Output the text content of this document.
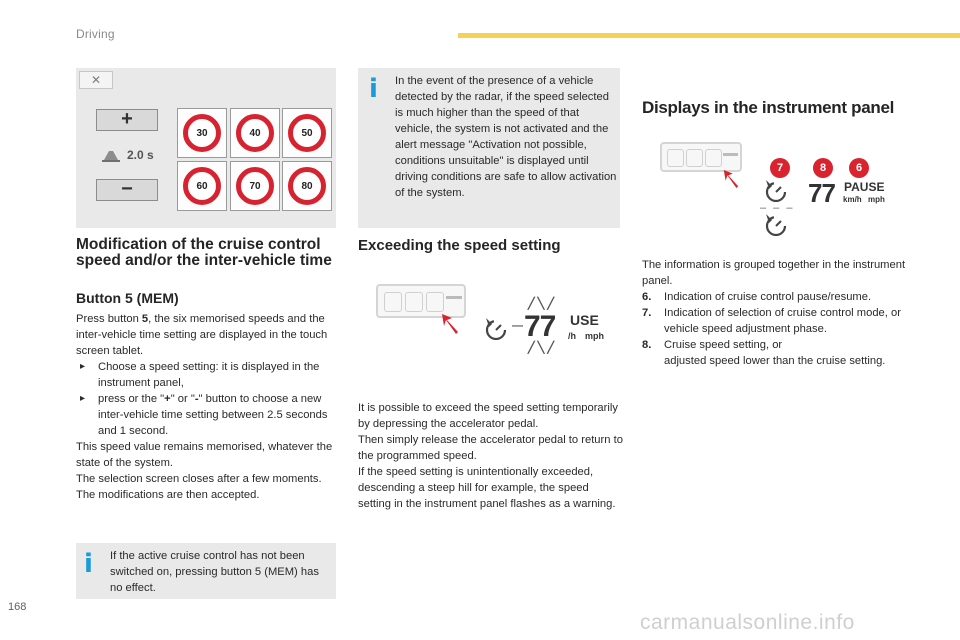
Driving
✕
+
2.0 s
−
30	40	50
60	70	80
Modification of the cruise control speed and/or the inter-vehicle time
Button 5 (MEM)

Press button 5, the six memorised speeds and the inter-vehicle time setting are displayed in the touch screen tablet.

▸ Choose a speed setting: it is displayed in the instrument panel,
▸ press or the "+" or "-" button to choose a new inter-vehicle time setting between 2.5 seconds and 1 second.

This speed value remains memorised, whatever the state of the system.

The selection screen closes after a few moments. The modifications are then accepted.

i If the active cruise control has not been switched on, pressing button 5 (MEM) has no effect.

i In the event of the presence of a vehicle detected by the radar, if the speed selected is much higher than the speed of that vehicle, the system is not activated and the alert message "Activation not possible, conditions unsuitable" is displayed until driving conditions are safe to allow activation of the system.

Exceeding the speed setting
╱ ╲ ╱
—
╱ ╲ ╱
77 USE
/h mph

It is possible to exceed the speed setting temporarily by depressing the accelerator pedal.

Then simply release the accelerator pedal to return to the programmed speed.

If the speed setting is unintentionally exceeded, descending a steep hill for example, the speed setting in the instrument panel flashes as a warning.

Displays in the instrument panel
7	8	6
– – – 77 PAUSE
km/h mph

The information is grouped together in the instrument panel.

6. Indication of cruise control pause/resume.
7. Indication of selection of cruise control mode, or
vehicle speed adjustment phase.
8. Cruise speed setting, or
adjusted speed lower than the cruise setting.
168
carmanualsonline.info
